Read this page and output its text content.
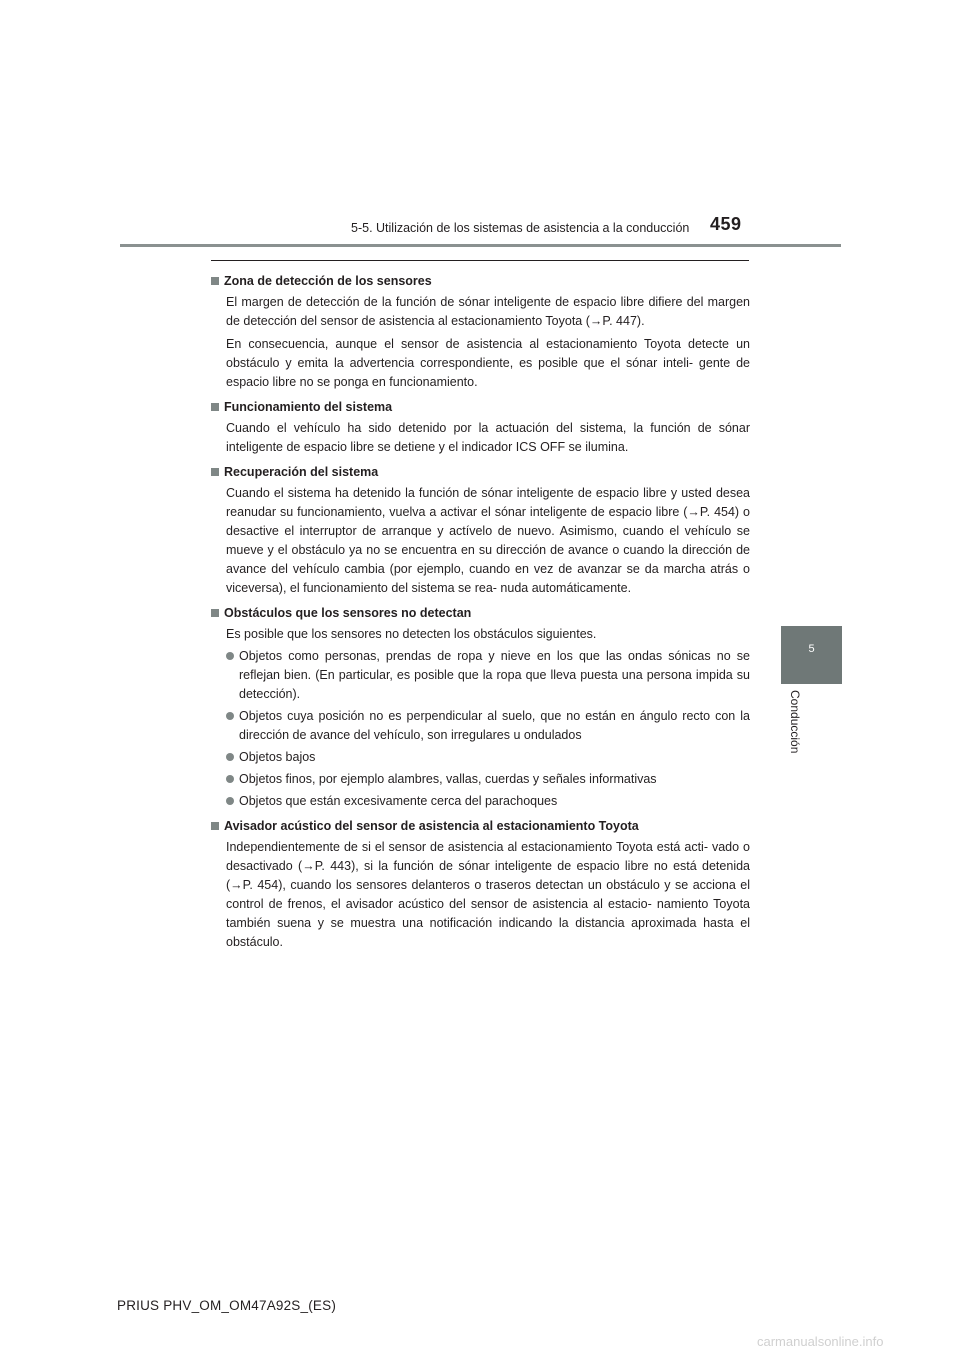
5-5. Utilización de los sistemas de asistencia a la conducción	459
5
Conducción
Zona de detección de los sensores
El margen de detección de la función de sónar inteligente de espacio libre difiere del margen de detección del sensor de asistencia al estacionamiento Toyota (→P. 447).
En consecuencia, aunque el sensor de asistencia al estacionamiento Toyota detecte un obstáculo y emita la advertencia correspondiente, es posible que el sónar inteli- gente de espacio libre no se ponga en funcionamiento.
Funcionamiento del sistema
Cuando el vehículo ha sido detenido por la actuación del sistema, la función de sónar inteligente de espacio libre se detiene y el indicador ICS OFF se ilumina.
Recuperación del sistema
Cuando el sistema ha detenido la función de sónar inteligente de espacio libre y usted desea reanudar su funcionamiento, vuelva a activar el sónar inteligente de espacio libre (→P. 454) o desactive el interruptor de arranque y actívelo de nuevo. Asimismo, cuando el vehículo se mueve y el obstáculo ya no se encuentra en su dirección de avance o cuando la dirección de avance del vehículo cambia (por ejemplo, cuando en vez de avanzar se da marcha atrás o viceversa), el funcionamiento del sistema se rea- nuda automáticamente.
Obstáculos que los sensores no detectan
Es posible que los sensores no detecten los obstáculos siguientes.
Objetos como personas, prendas de ropa y nieve en los que las ondas sónicas no se reflejan bien. (En particular, es posible que la ropa que lleva puesta una persona impida su detección).
Objetos cuya posición no es perpendicular al suelo, que no están en ángulo recto con la dirección de avance del vehículo, son irregulares u ondulados
Objetos bajos
Objetos finos, por ejemplo alambres, vallas, cuerdas y señales informativas
Objetos que están excesivamente cerca del parachoques
Avisador acústico del sensor de asistencia al estacionamiento Toyota
Independientemente de si el sensor de asistencia al estacionamiento Toyota está acti- vado o desactivado (→P. 443), si la función de sónar inteligente de espacio libre no está detenida (→P. 454), cuando los sensores delanteros o traseros detectan un obstáculo y se acciona el control de frenos, el avisador acústico del sensor de asistencia al estacio- namiento Toyota también suena y se muestra una notificación indicando la distancia aproximada hasta el obstáculo.
PRIUS PHV_OM_OM47A92S_(ES)
carmanualsonline.info
